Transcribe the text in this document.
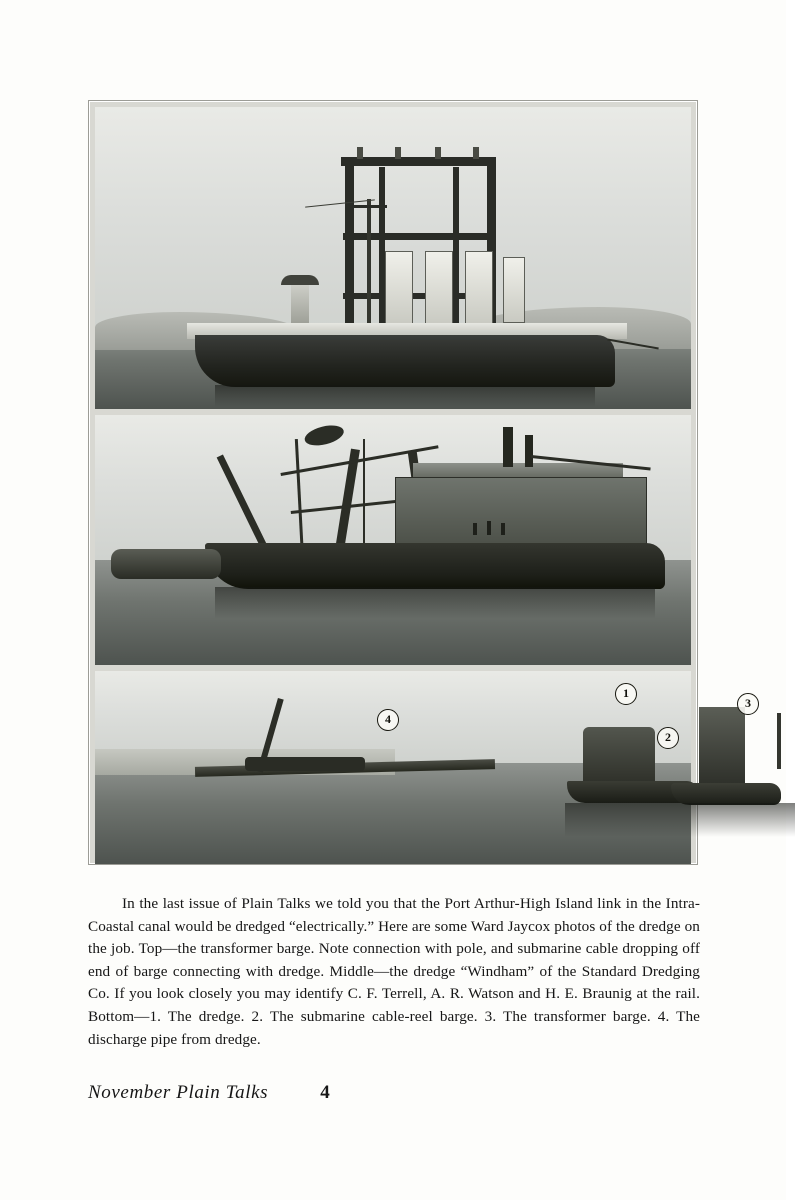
1
2
3
4

In the last issue of Plain Talks we told you that the Port Arthur-High Island link in the Intra-Coastal canal would be dredged “electrically.” Here are some Ward Jaycox photos of the dredge on the job. Top—the transformer barge. Note connection with pole, and submarine cable dropping off end of barge connecting with dredge. Middle—the dredge “Windham” of the Standard Dredging Co. If you look closely you may identify C. F. Terrell, A. R. Watson and H. E. Braunig at the rail. Bottom—1. The dredge. 2. The submarine cable-reel barge. 3. The transformer barge. 4. The discharge pipe from dredge.

November Plain Talks	4
